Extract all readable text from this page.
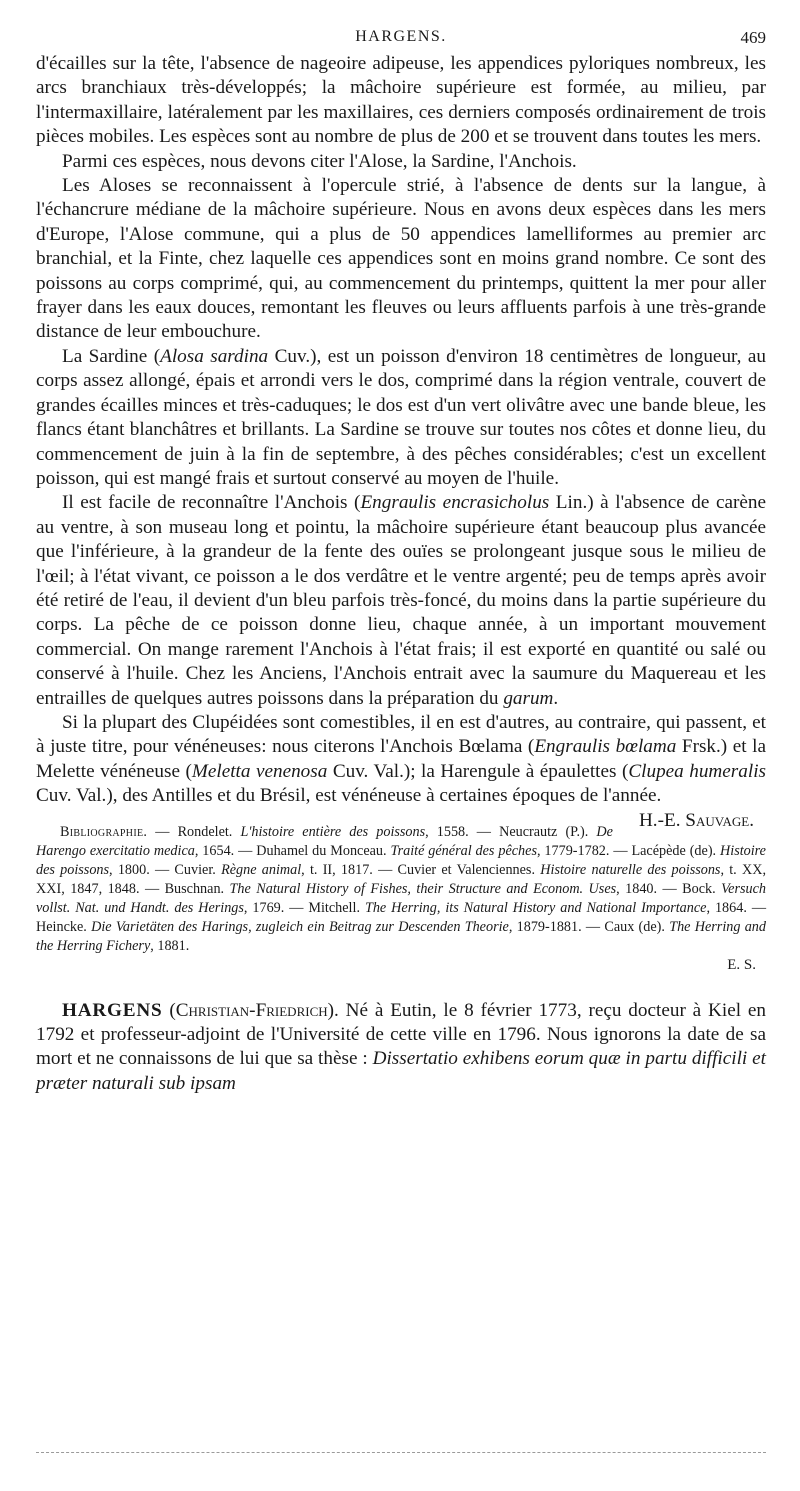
HARGENS.	469

d'écailles sur la tête, l'absence de nageoire adipeuse, les appendices pyloriques nombreux, les arcs branchiaux très-développés; la mâchoire supérieure est formée, au milieu, par l'intermaxillaire, latéralement par les maxillaires, ces derniers composés ordinairement de trois pièces mobiles. Les espèces sont au nombre de plus de 200 et se trouvent dans toutes les mers.

Parmi ces espèces, nous devons citer l'Alose, la Sardine, l'Anchois.

Les Aloses se reconnaissent à l'opercule strié, à l'absence de dents sur la langue, à l'échancrure médiane de la mâchoire supérieure. Nous en avons deux espèces dans les mers d'Europe, l'Alose commune, qui a plus de 50 appendices lamelliformes au premier arc branchial, et la Finte, chez laquelle ces appendices sont en moins grand nombre. Ce sont des poissons au corps comprimé, qui, au commencement du printemps, quittent la mer pour aller frayer dans les eaux douces, remontant les fleuves ou leurs affluents parfois à une très-grande distance de leur embouchure.

La Sardine (Alosa sardina Cuv.), est un poisson d'environ 18 centimètres de longueur, au corps assez allongé, épais et arrondi vers le dos, comprimé dans la région ventrale, couvert de grandes écailles minces et très-caduques; le dos est d'un vert olivâtre avec une bande bleue, les flancs étant blanchâtres et brillants. La Sardine se trouve sur toutes nos côtes et donne lieu, du commencement de juin à la fin de septembre, à des pêches considérables; c'est un excellent poisson, qui est mangé frais et surtout conservé au moyen de l'huile.

Il est facile de reconnaître l'Anchois (Engraulis encrasicholus Lin.) à l'absence de carène au ventre, à son museau long et pointu, la mâchoire supérieure étant beaucoup plus avancée que l'inférieure, à la grandeur de la fente des ouïes se prolongeant jusque sous le milieu de l'œil; à l'état vivant, ce poisson a le dos verdâtre et le ventre argenté; peu de temps après avoir été retiré de l'eau, il devient d'un bleu parfois très-foncé, du moins dans la partie supérieure du corps. La pêche de ce poisson donne lieu, chaque année, à un important mouvement commercial. On mange rarement l'Anchois à l'état frais; il est exporté en quantité ou salé ou conservé à l'huile. Chez les Anciens, l'Anchois entrait avec la saumure du Maquereau et les entrailles de quelques autres poissons dans la préparation du garum.

Si la plupart des Clupéidées sont comestibles, il en est d'autres, au contraire, qui passent, et à juste titre, pour vénéneuses: nous citerons l'Anchois Bœlama (Engraulis bœlama Frsk.) et la Melette vénéneuse (Meletta venenosa Cuv. Val.); la Harengule à épaulettes (Clupea humeralis Cuv. Val.), des Antilles et du Brésil, est vénéneuse à certaines époques de l'année.
H.-E. Sauvage.

Bibliographie. — Rondelet. L'histoire entière des poissons, 1558. — Neucrautz (P.). De Harengo exercitatio medica, 1654. — Duhamel du Monceau. Traité général des pêches, 1779-1782. — Lacépède (de). Histoire des poissons, 1800. — Cuvier. Règne animal, t. II, 1817. — Cuvier et Valenciennes. Histoire naturelle des poissons, t. XX, XXI, 1847, 1848. — Buschnan. The Natural History of Fishes, their Structure and Econom. Uses, 1840. — Bock. Versuch vollst. Nat. und Handt. des Herings, 1769. — Mitchell. The Herring, its Natural History and National Importance, 1864. — Heincke. Die Varietäten des Harings, zugleich ein Beitrag zur Descenden Theorie, 1879-1881. — Caux (de). The Herring and the Herring Fichery, 1881.

E. S.

HARGENS (Christian-Friedrich). Né à Eutin, le 8 février 1773, reçu docteur à Kiel en 1792 et professeur-adjoint de l'Université de cette ville en 1796. Nous ignorons la date de sa mort et ne connaissons de lui que sa thèse : Dissertatio exhibens eorum quæ in partu difficili et præter naturali sub ipsam
